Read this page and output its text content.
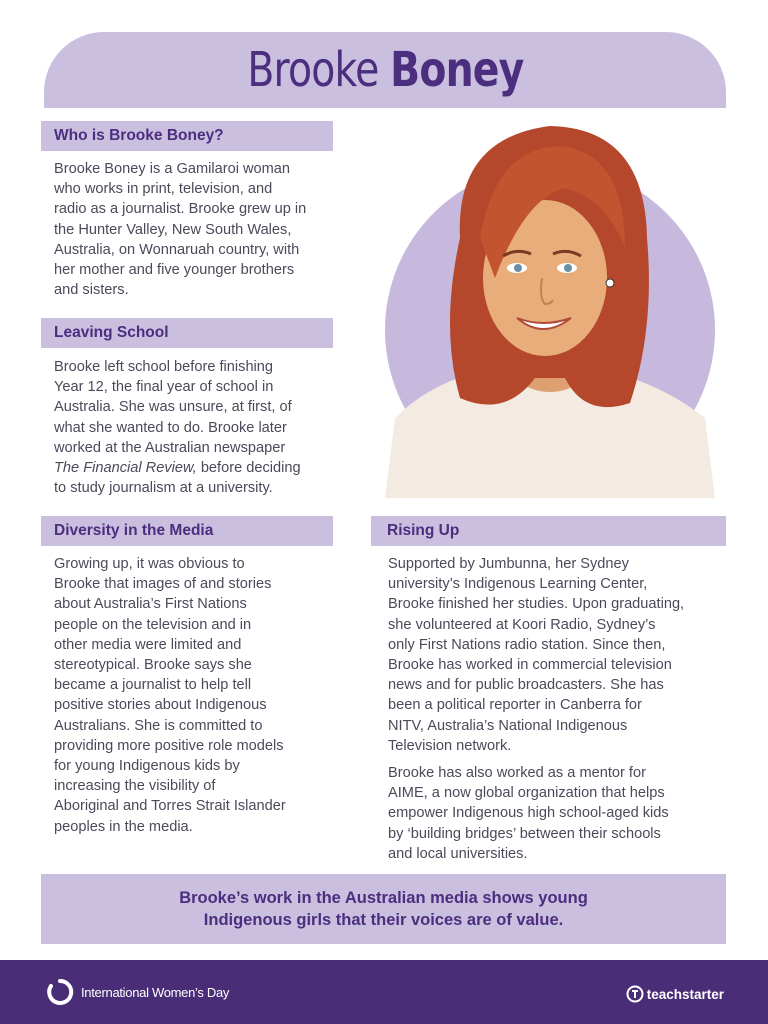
Brooke Boney
Who is Brooke Boney?
Brooke Boney is a Gamilaroi woman
who works in print, television, and
radio as a journalist. Brooke grew up in
the Hunter Valley, New South Wales,
Australia, on Wonnaruah country, with
her mother and five younger brothers
and sisters.
Leaving School
Brooke left school before finishing
Year 12, the final year of school in
Australia. She was unsure, at first, of
what she wanted to do. Brooke later
worked at the Australian newspaper
The Financial Review, before deciding
to study journalism at a university.
Diversity in the Media
Growing up, it was obvious to
Brooke that images of and stories
about Australia’s First Nations
people on the television and in
other media were limited and
stereotypical. Brooke says she
became a journalist to help tell
positive stories about Indigenous
Australians. She is committed to
providing more positive role models
for young Indigenous kids by
increasing the visibility of
Aboriginal and Torres Strait Islander
peoples in the media.
Rising Up

Supported by Jumbunna, her Sydney
university’s Indigenous Learning Center,
Brooke finished her studies. Upon graduating,
she volunteered at Koori Radio, Sydney’s
only First Nations radio station. Since then,
Brooke has worked in commercial television
news and for public broadcasters. She has
been a political reporter in Canberra for
NITV, Australia’s National Indigenous
Television network.

Brooke has also worked as a mentor for
AIME, a now global organization that helps
empower Indigenous high school-aged kids
by ‘building bridges’ between their schools
and local universities.

Brooke’s work in the Australian media shows young
Indigenous girls that their voices are of value.
International Women’s Day	teachstarter
